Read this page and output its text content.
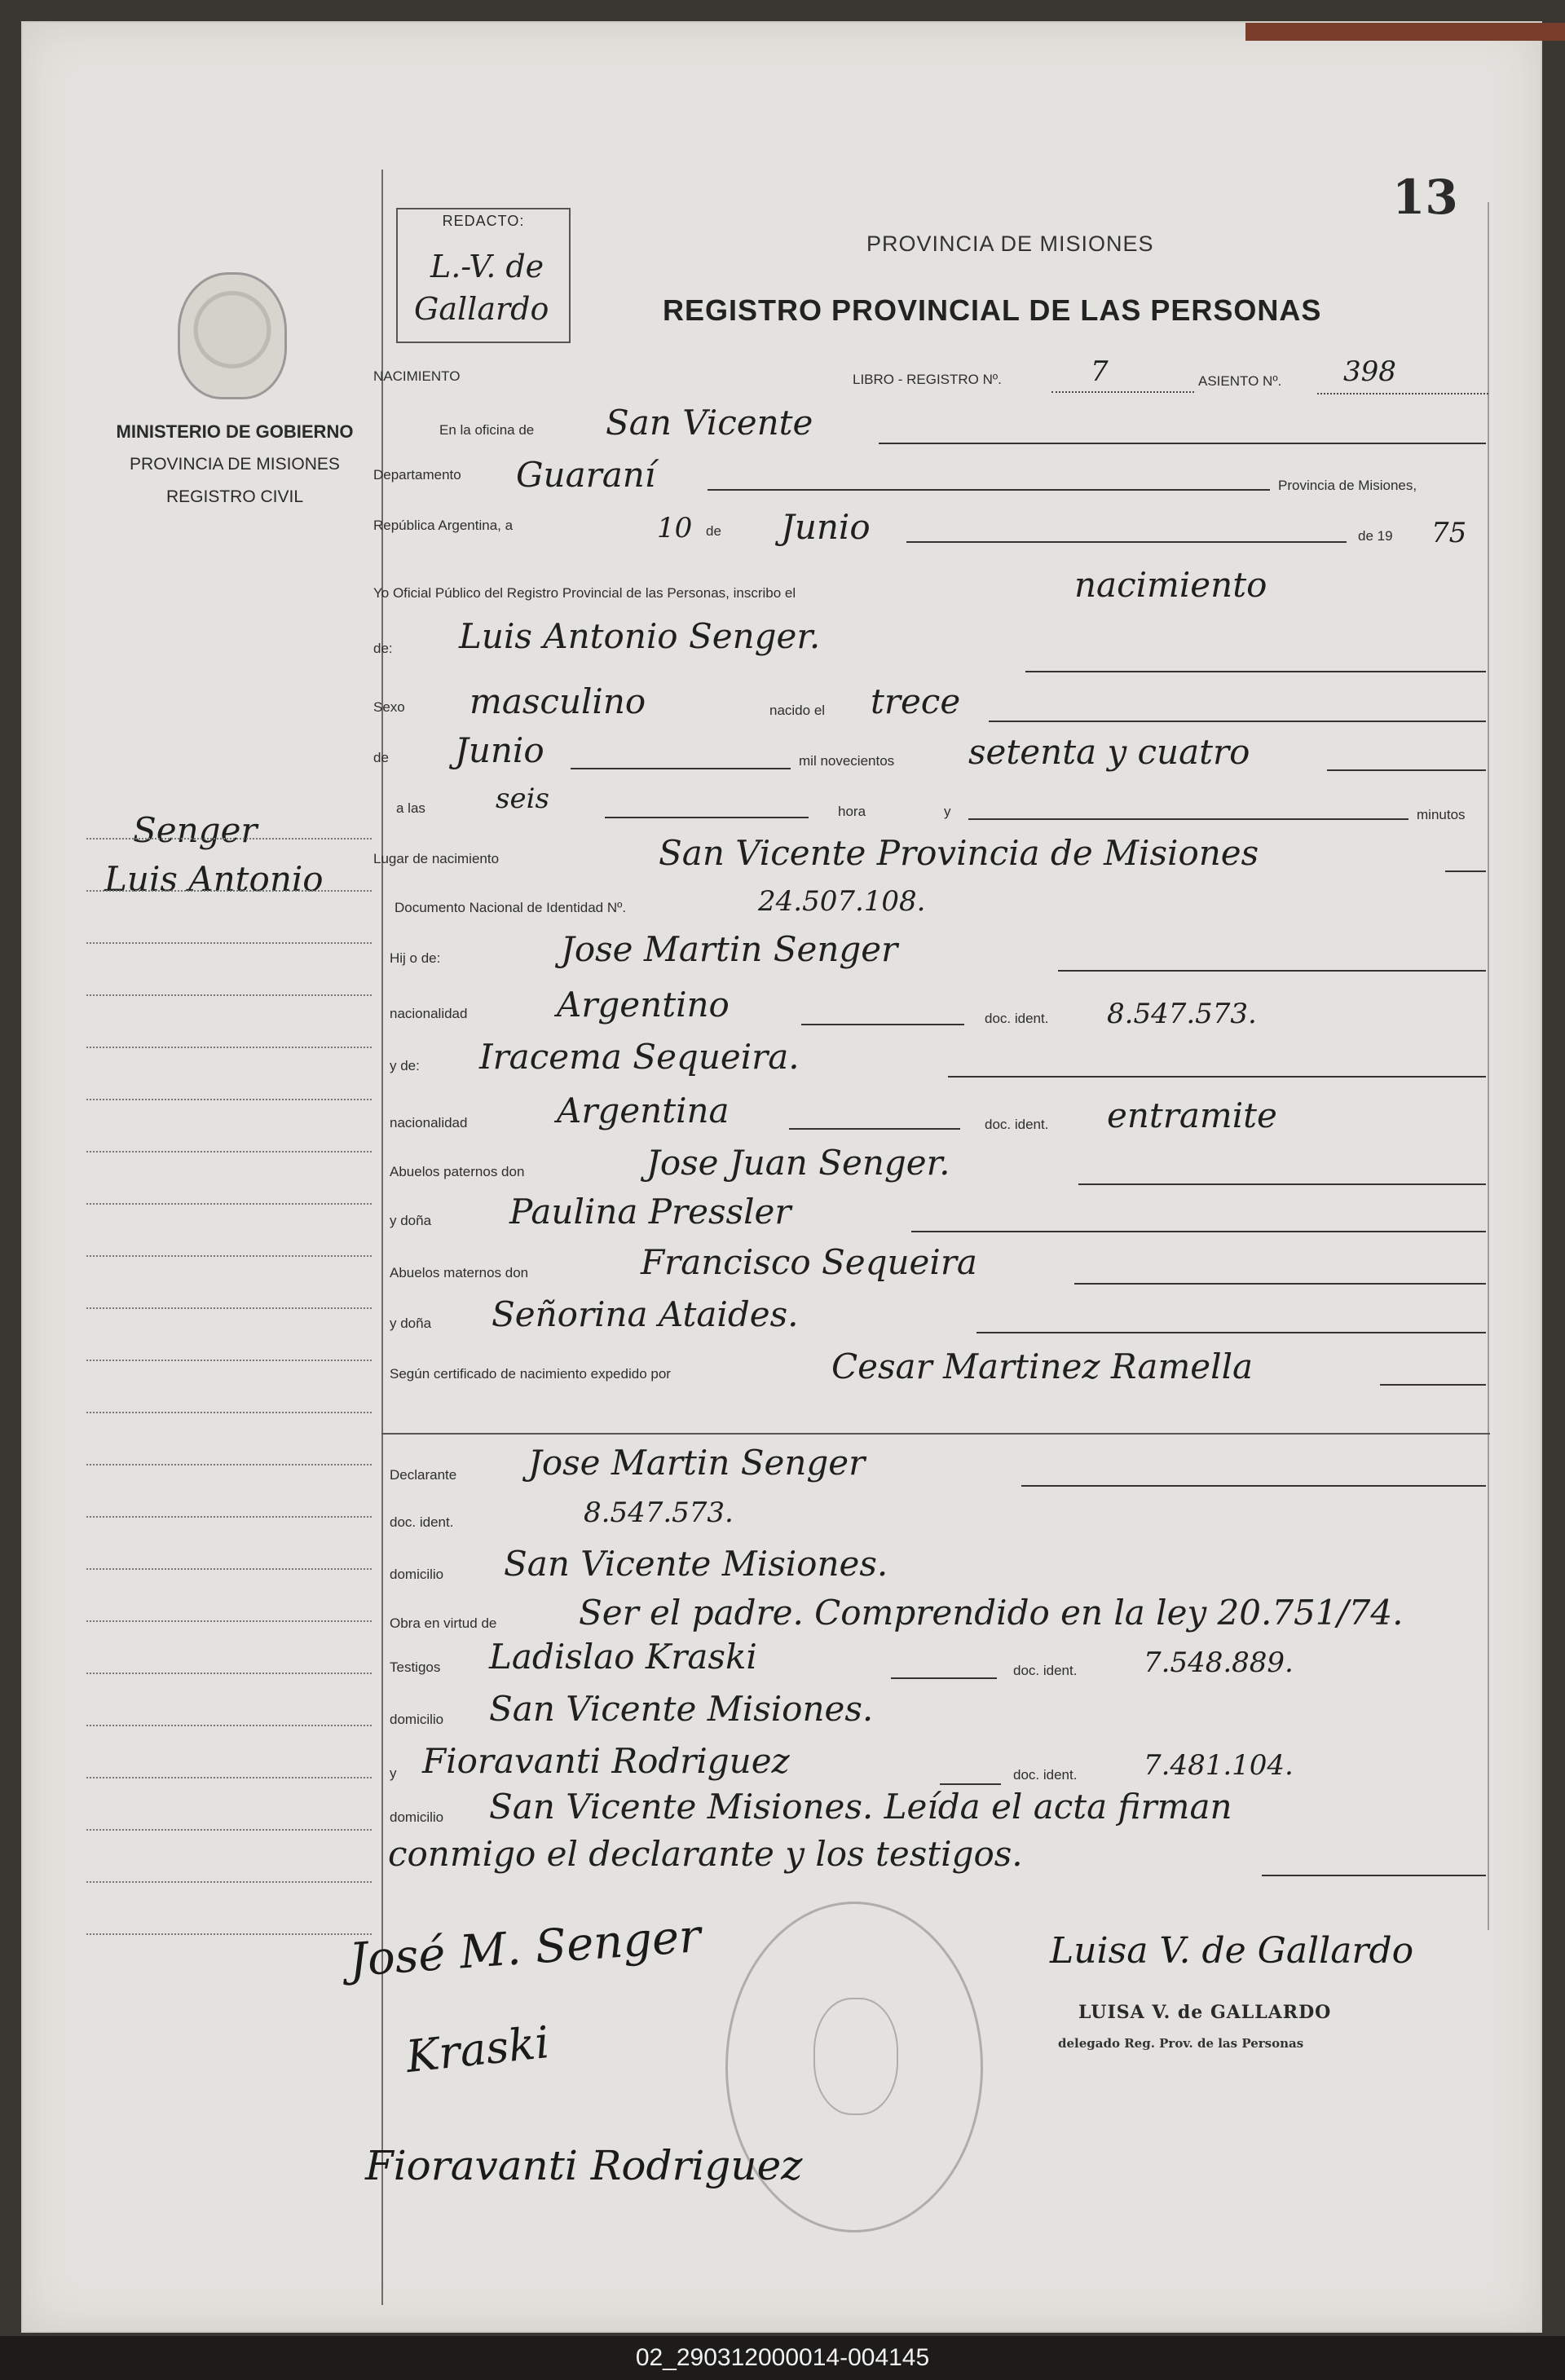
13
REDACTO:
L.-V. de
Gallardo
MINISTERIO DE GOBIERNO
PROVINCIA DE MISIONES
REGISTRO CIVIL
PROVINCIA DE MISIONES
REGISTRO PROVINCIAL DE LAS PERSONAS
NACIMIENTO	LIBRO - REGISTRO Nº.	7	ASIENTO Nº. 398
En la oficina de San Vicente
Departamento Guaraní	Provincia de Misiones,
República Argentina, a	10 de Junio	de 19 75
Yo Oficial Público del Registro Provincial de las Personas, inscribo el	nacimiento
de: Luis Antonio Senger.
Sexo masculino	nacido el trece
de Junio	mil novecientos setenta y cuatro
a las	seis	hora	y	minutos
Lugar de nacimiento	San Vicente Provincia de Misiones
Documento Nacional de Identidad Nº.	24.507.108.
Hij o de:	Jose Martin Senger
nacionalidad	Argentino	doc. ident. 8.547.573.
y de: Iracema Sequeira.
nacionalidad	Argentina	doc. ident. entramite
Abuelos paternos don	Jose Juan Senger.
y doña Paulina Pressler
Abuelos maternos don	Francisco Sequeira
y doña Señorina Ataides.
Según certificado de nacimiento expedido por	Cesar Martinez Ramella
Declarante Jose Martin Senger
doc. ident.	8.547.573.
domicilio San Vicente Misiones.
Obra en virtud de Ser el padre. Comprendido en la ley 20.751/74.
Testigos Ladislao Kraski	doc. ident. 7.548.889.
domicilio San Vicente Misiones.
y Fioravanti Rodriguez	doc. ident. 7.481.104.
domicilio San Vicente Misiones. Leída el acta firman
conmigo el declarante y los testigos.
Senger
Luis Antonio
José M. Senger
Kraski
Fioravanti Rodriguez
Luisa V. de Gallardo
LUISA V. de GALLARDO
delegado Reg. Prov. de las Personas
02_290312000014-004145
